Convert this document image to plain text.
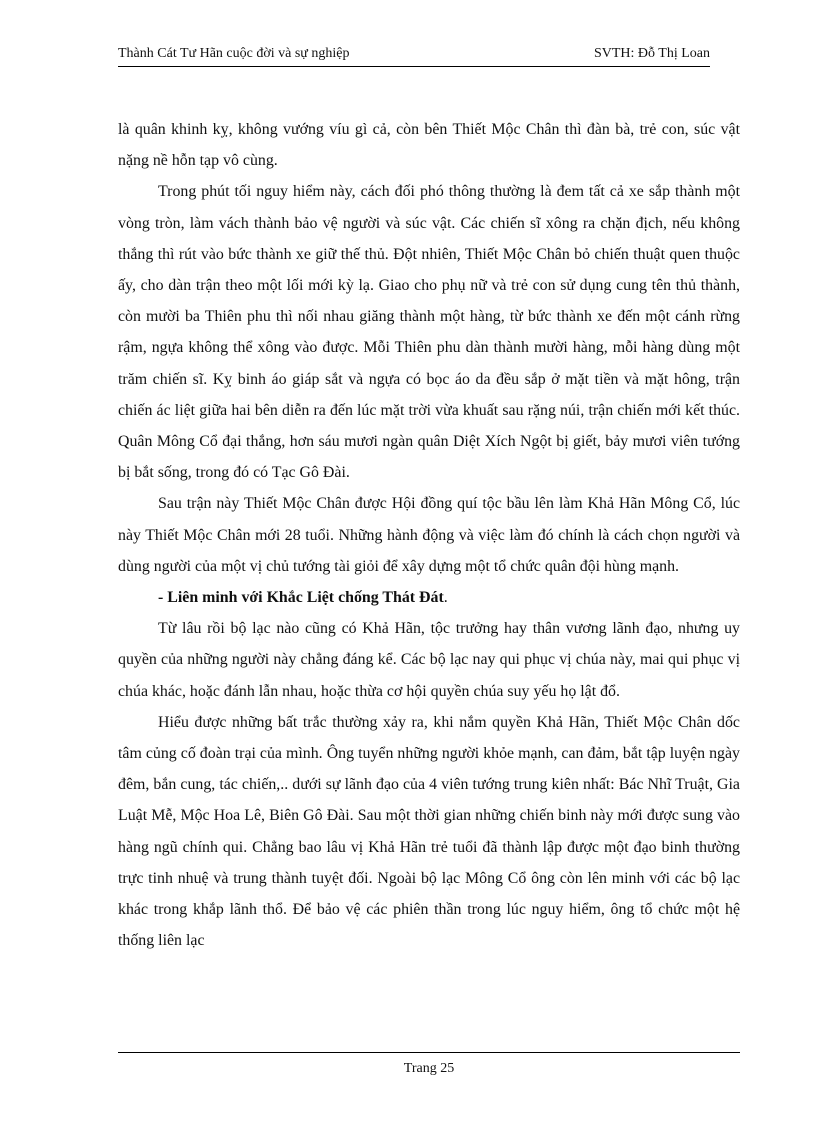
Thành Cát Tư Hãn cuộc đời và sự nghiệp	SVTH: Đỗ Thị Loan

là quân khinh kỵ, không vướng víu gì cả, còn bên Thiết Mộc Chân thì đàn bà, trẻ con, súc vật nặng nề hỗn tạp vô cùng.

Trong phút tối nguy hiểm này, cách đối phó thông thường là đem tất cả xe sắp thành một vòng tròn, làm vách thành bảo vệ người và súc vật. Các chiến sĩ xông ra chặn địch, nếu không thắng thì rút vào bức thành xe giữ thế thủ. Đột nhiên, Thiết Mộc Chân bỏ chiến thuật quen thuộc ấy, cho dàn trận theo một lối mới kỳ lạ. Giao cho phụ nữ và trẻ con sử dụng cung tên thủ thành, còn mười ba Thiên phu thì nối nhau giăng thành một hàng, từ bức thành xe đến một cánh rừng rậm, ngựa không thể xông vào được. Mỗi Thiên phu dàn thành mười hàng, mỗi hàng dùng một trăm chiến sĩ. Kỵ binh áo giáp sắt và ngựa có bọc áo da đều sắp ở mặt tiền và mặt hông, trận chiến ác liệt giữa hai bên diễn ra đến lúc mặt trời vừa khuất sau rặng núi, trận chiến mới kết thúc. Quân Mông Cổ đại thắng, hơn sáu mươi ngàn quân Diệt Xích Ngột bị giết, bảy mươi viên tướng bị bắt sống, trong đó có Tạc Gô Đài.

Sau trận này Thiết Mộc Chân được Hội đồng quí tộc bầu lên làm Khả Hãn Mông Cổ, lúc này Thiết Mộc Chân mới 28 tuổi. Những hành động và việc làm đó chính là cách chọn người và dùng người của một vị chủ tướng tài giỏi để xây dựng một tổ chức quân đội hùng mạnh.

- Liên minh với Khắc Liệt chống Thát Đát.

Từ lâu rồi bộ lạc nào cũng có Khả Hãn, tộc trưởng hay thân vương lãnh đạo, nhưng uy quyền của những người này chẳng đáng kể. Các bộ lạc nay qui phục vị chúa này, mai qui phục vị chúa khác, hoặc đánh lẫn nhau, hoặc thừa cơ hội quyền chúa suy yếu họ lật đổ.

Hiểu được những bất trắc thường xảy ra, khi nắm quyền Khả Hãn, Thiết Mộc Chân dốc tâm củng cố đoàn trại của mình. Ông tuyển những người khỏe mạnh, can đảm, bắt tập luyện ngày đêm, bắn cung, tác chiến,.. dưới sự lãnh đạo của 4 viên tướng trung kiên nhất: Bác Nhĩ Truật, Gia Luật Mễ, Mộc Hoa Lê, Biên Gô Đài. Sau một thời gian những chiến binh này mới được sung vào hàng ngũ chính qui. Chẳng bao lâu vị Khả Hãn trẻ tuổi đã thành lập được một đạo binh thường trực tinh nhuệ và trung thành tuyệt đối. Ngoài bộ lạc Mông Cổ ông còn lên minh với các bộ lạc khác trong khắp lãnh thổ. Để bảo vệ các phiên thần trong lúc nguy hiểm, ông tổ chức một hệ thống liên lạc

Trang 25
